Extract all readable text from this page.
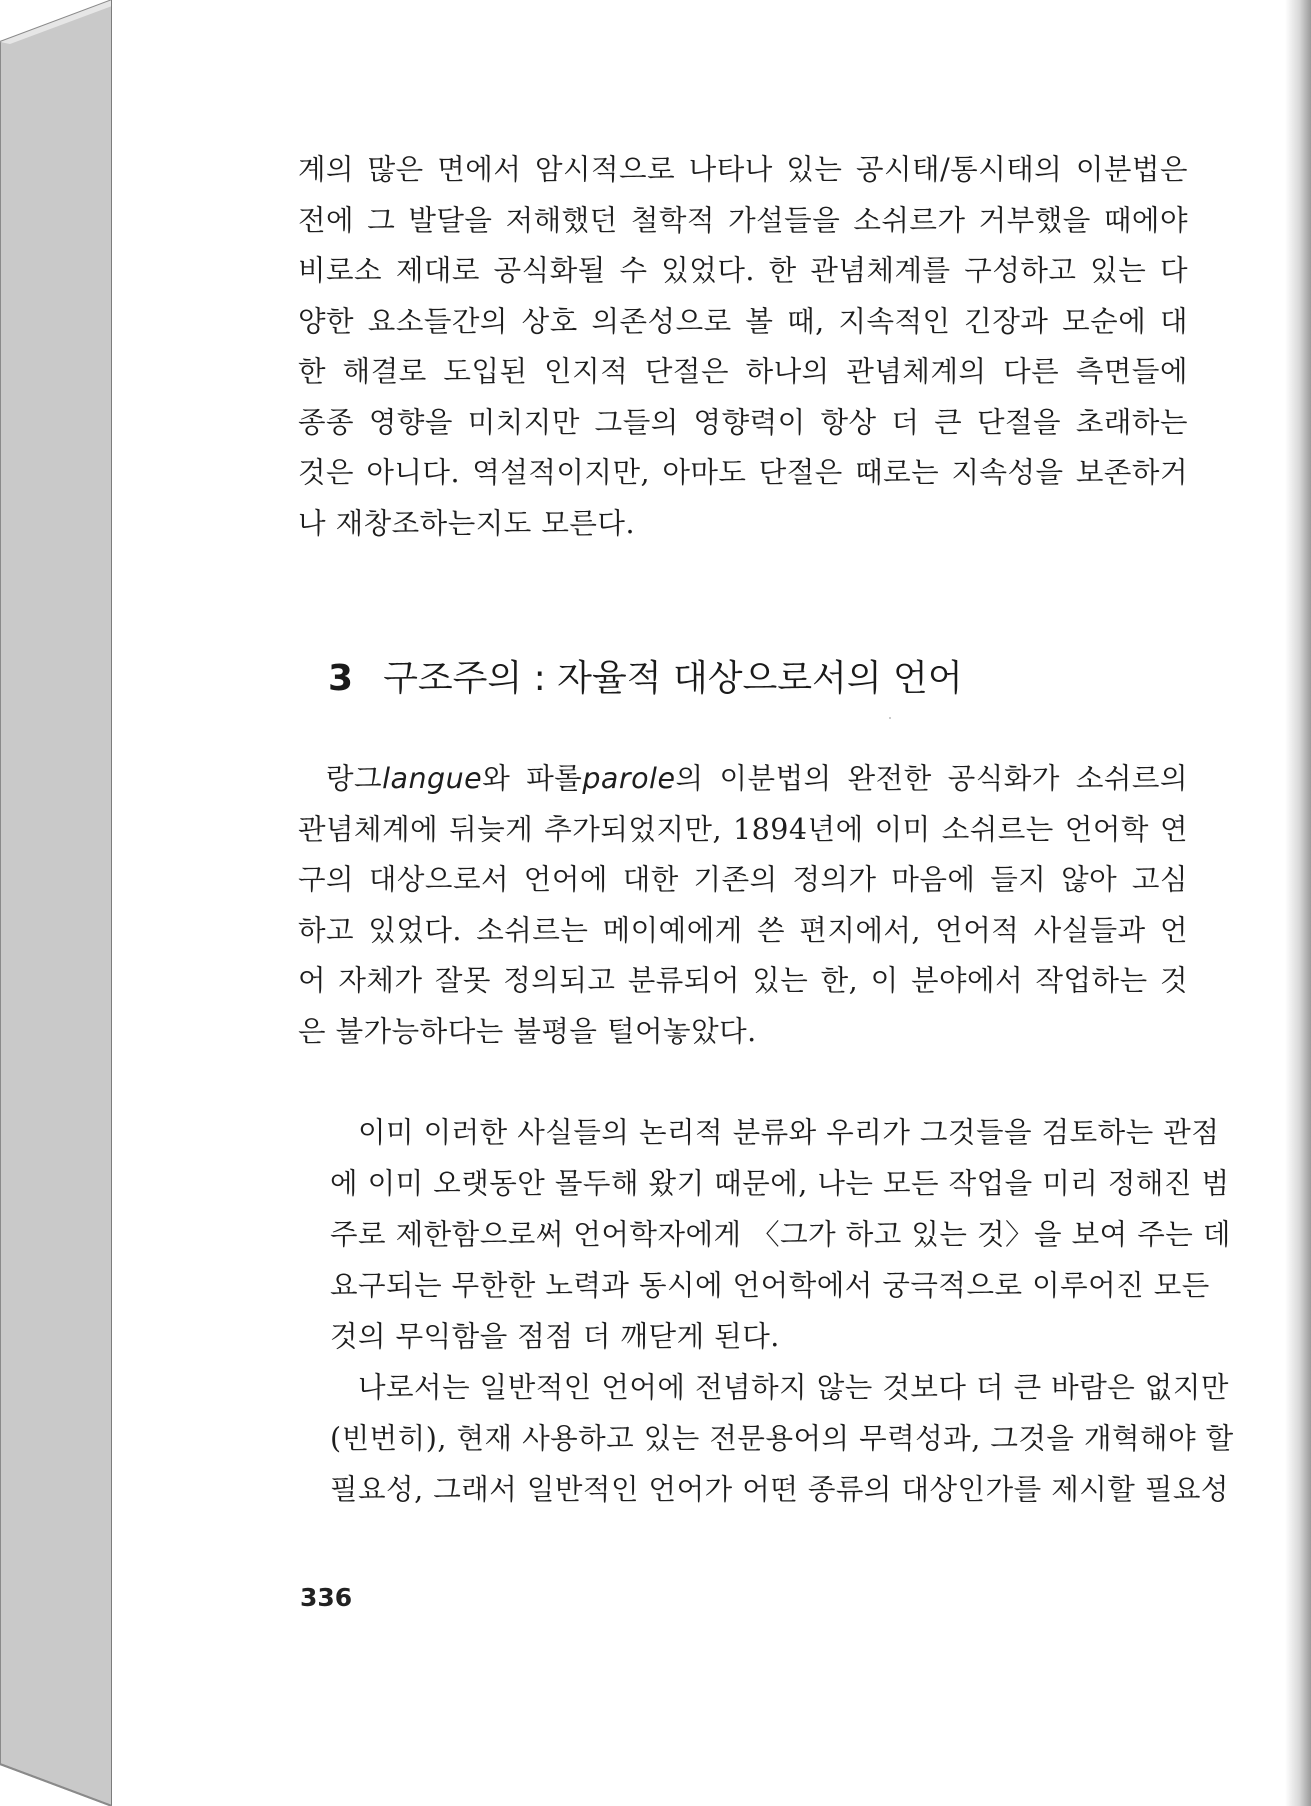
계의 많은 면에서 암시적으로 나타나 있는 공시태/통시태의 이분법은
전에 그 발달을 저해했던 철학적 가설들을 소쉬르가 거부했을 때에야
비로소 제대로 공식화될 수 있었다. 한 관념체계를 구성하고 있는 다
양한 요소들간의 상호 의존성으로 볼 때, 지속적인 긴장과 모순에 대
한 해결로 도입된 인지적 단절은 하나의 관념체계의 다른 측면들에
종종 영향을 미치지만 그들의 영향력이 항상 더 큰 단절을 초래하는
것은 아니다. 역설적이지만, 아마도 단절은 때로는 지속성을 보존하거
나 재창조하는지도 모른다.
3 구조주의 : 자율적 대상으로서의 언어
랑그langue와 파롤parole의 이분법의 완전한 공식화가 소쉬르의
관념체계에 뒤늦게 추가되었지만, 1894년에 이미 소쉬르는 언어학 연
구의 대상으로서 언어에 대한 기존의 정의가 마음에 들지 않아 고심
하고 있었다. 소쉬르는 메이예에게 쓴 편지에서, 언어적 사실들과 언
어 자체가 잘못 정의되고 분류되어 있는 한, 이 분야에서 작업하는 것
은 불가능하다는 불평을 털어놓았다.
이미 이러한 사실들의 논리적 분류와 우리가 그것들을 검토하는 관점
에 이미 오랫동안 몰두해 왔기 때문에, 나는 모든 작업을 미리 정해진 범
주로 제한함으로써 언어학자에게 〈그가 하고 있는 것〉을 보여 주는 데
요구되는 무한한 노력과 동시에 언어학에서 궁극적으로 이루어진 모든
것의 무익함을 점점 더 깨닫게 된다.
나로서는 일반적인 언어에 전념하지 않는 것보다 더 큰 바람은 없지만
(빈번히), 현재 사용하고 있는 전문용어의 무력성과, 그것을 개혁해야 할
필요성, 그래서 일반적인 언어가 어떤 종류의 대상인가를 제시할 필요성
336
